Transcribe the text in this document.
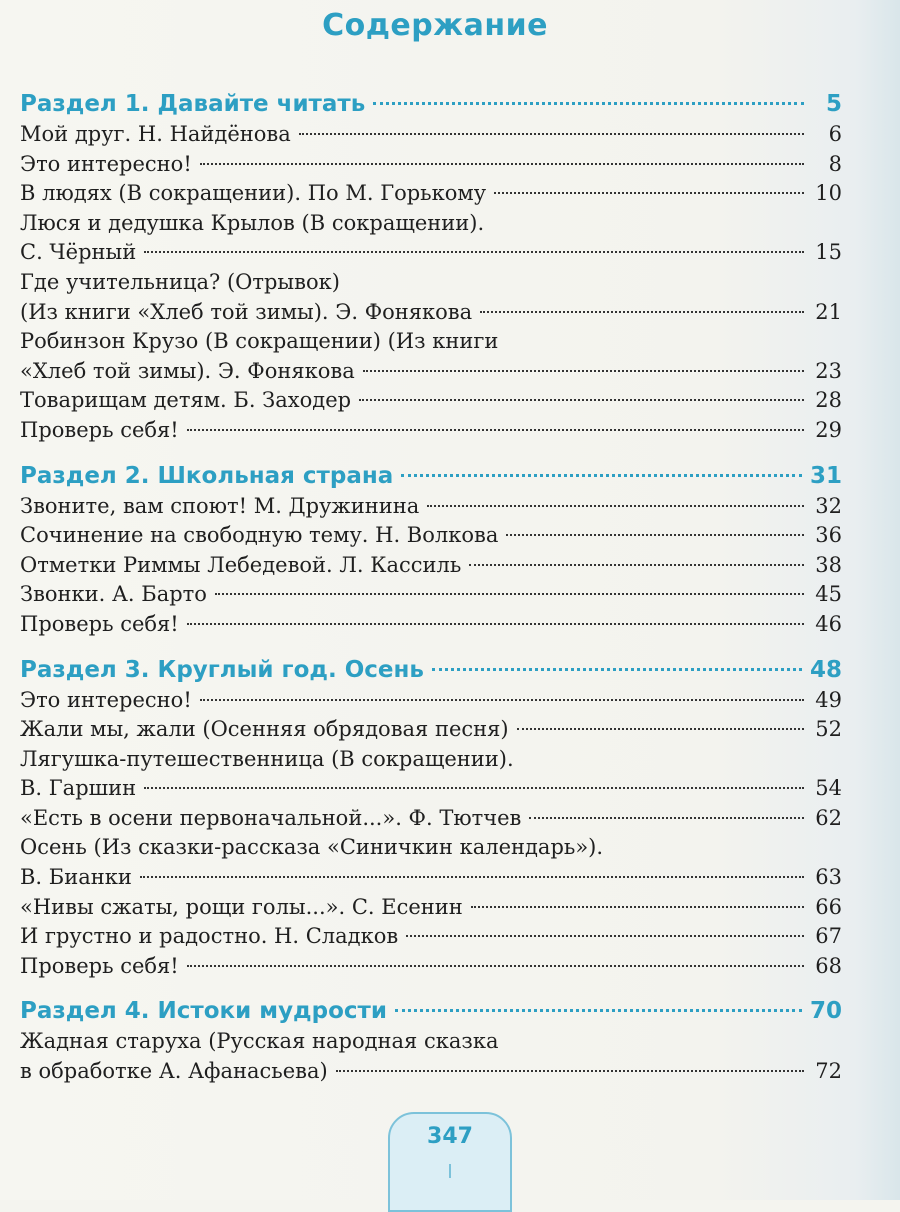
Содержание
Раздел 1. Давайте читать	5
Мой друг. Н. Найдёнова	6
Это интересно!	8
В людях (В сокращении). По М. Горькому	10
Люся и дедушка Крылов (В сокращении).
С. Чёрный	15
Где учительница? (Отрывок)
(Из книги «Хлеб той зимы). Э. Фонякова	21
Робинзон Крузо (В сокращении) (Из книги
«Хлеб той зимы). Э. Фонякова	23
Товарищам детям. Б. Заходер	28
Проверь себя!	29
Раздел 2. Школьная страна	31
Звоните, вам споют! М. Дружинина	32
Сочинение на свободную тему. Н. Волкова	36
Отметки Риммы Лебедевой. Л. Кассиль	38
Звонки. А. Барто	45
Проверь себя!	46
Раздел 3. Круглый год. Осень	48
Это интересно!	49
Жали мы, жали (Осенняя обрядовая песня)	52
Лягушка-путешественница (В сокращении).
В. Гаршин	54
«Есть в осени первоначальной...». Ф. Тютчев	62
Осень (Из сказки-рассказа «Синичкин календарь»).
В. Бианки	63
«Нивы сжаты, рощи голы...». С. Есенин	66
И грустно и радостно. Н. Сладков	67
Проверь себя!	68
Раздел 4. Истоки мудрости	70
Жадная старуха (Русская народная сказка
в обработке А. Афанасьева)	72
347
